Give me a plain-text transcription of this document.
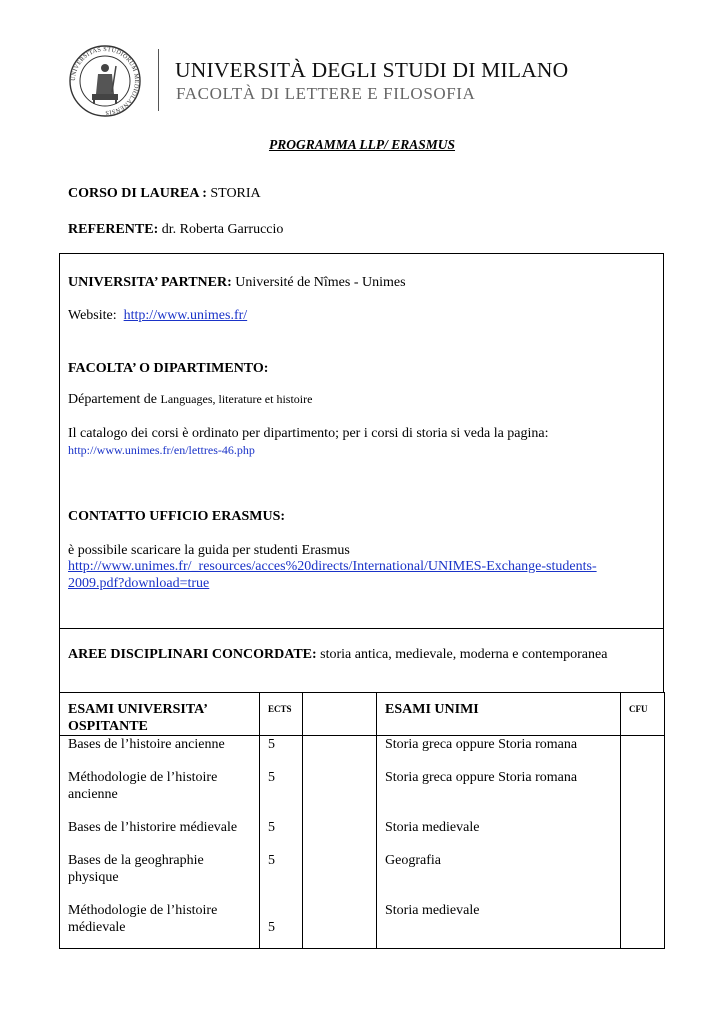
UNIVERSITAS STUDIORUM MEDIOLANENSIS
UNIVERSITÀ DEGLI STUDI DI MILANO
FACOLTÀ DI LETTERE E FILOSOFIA
PROGRAMMA LLP/ ERASMUS
CORSO DI LAUREA : STORIA
REFERENTE: dr. Roberta Garruccio
UNIVERSITA’ PARTNER: Université de Nîmes - Unimes
Website: http://www.unimes.fr/
FACOLTA’ O DIPARTIMENTO:
Département de Languages, literature et histoire
Il catalogo dei corsi è ordinato per dipartimento; per i corsi di storia si veda la pagina:
http://www.unimes.fr/en/lettres-46.php
CONTATTO UFFICIO ERASMUS:
è possibile scaricare la guida per studenti Erasmus
http://www.unimes.fr/_resources/acces%20directs/International/UNIMES-Exchange-students-
2009.pdf?download=true
AREE DISCIPLINARI CONCORDATE: storia antica, medievale, moderna e contemporanea
ESAMI UNIVERSITA’ OSPITANTE	ECTS		ESAMI UNIMI	CFU
Bases de l’histoire ancienne	5		Storia greca oppure Storia romana	
Méthodologie de l’histoire ancienne	5		Storia greca oppure Storia romana	
Bases de l’historire médievale	5		Storia medievale	
Bases de la geoghraphie physique	5		Geografia	
Méthodologie de l’histoire médievale	5		Storia medievale	
